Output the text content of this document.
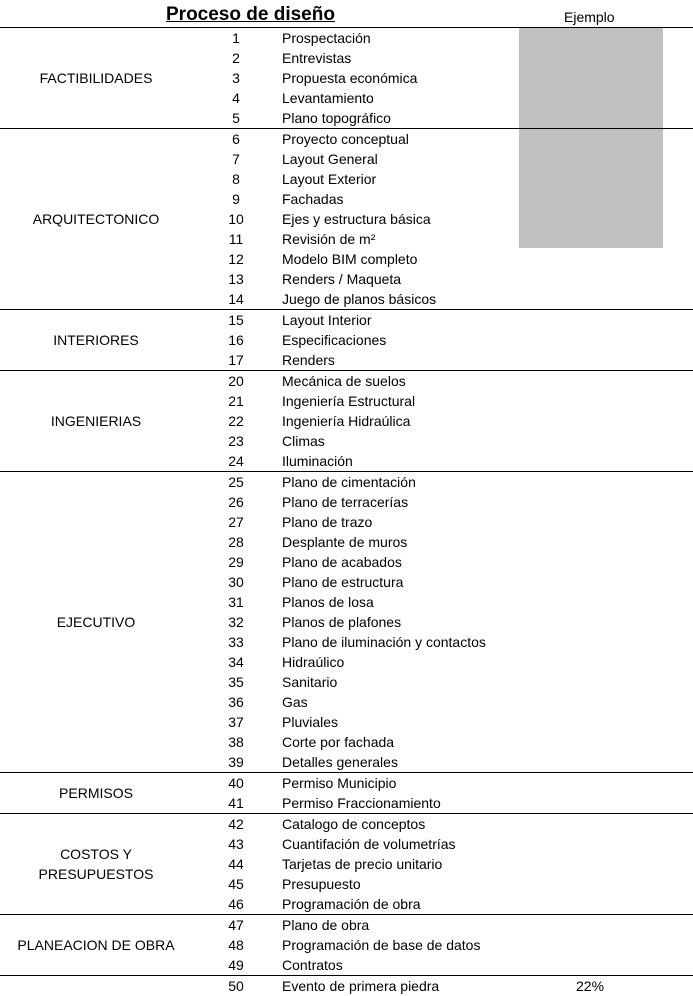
Proceso de diseño	Ejemplo
FACTIBILIDADES
1	Prospectación
2	Entrevistas
3	Propuesta económica
4	Levantamiento
5	Plano topográfico
ARQUITECTONICO
6	Proyecto conceptual
7	Layout General
8	Layout Exterior
9	Fachadas
10	Ejes y estructura básica
11	Revisión de m²
12	Modelo BIM completo
13	Renders / Maqueta
14	Juego de planos básicos
INTERIORES
15	Layout Interior
16	Especificaciones
17	Renders
INGENIERIAS
20	Mecánica de suelos
21	Ingeniería Estructural
22	Ingeniería Hidraúlica
23	Climas
24	Iluminación
EJECUTIVO
25	Plano de cimentación
26	Plano de terracerías
27	Plano de trazo
28	Desplante de muros
29	Plano de acabados
30	Plano de estructura
31	Planos de losa
32	Planos de plafones
33	Plano de iluminación y contactos
34	Hidraúlico
35	Sanitario
36	Gas
37	Pluviales
38	Corte por fachada
39	Detalles generales
PERMISOS
40	Permiso Municipio
41	Permiso Fraccionamiento
COSTOS Y
PRESUPUESTOS
42	Catalogo de conceptos
43	Cuantifación de volumetrías
44	Tarjetas de precio unitario
45	Presupuesto
46	Programación de obra
PLANEACION DE OBRA
47	Plano de obra
48	Programación de base de datos
49	Contratos
50	Evento de primera piedra	22%
